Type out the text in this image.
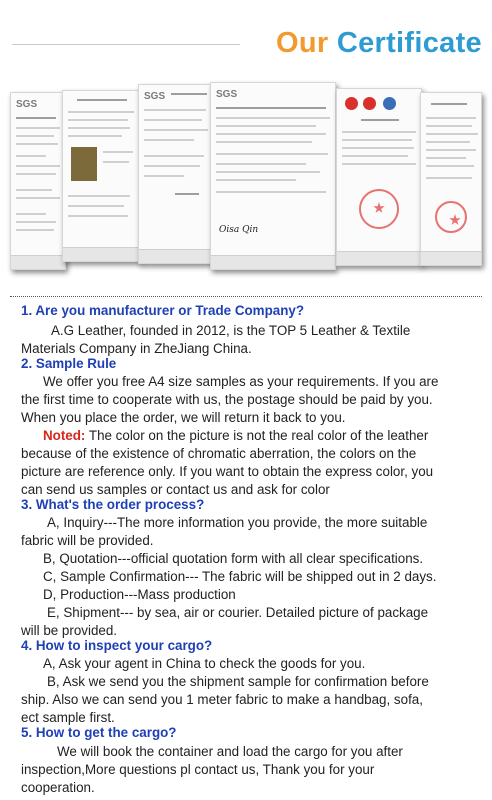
Our Certificate
SGS
SGS	SGS
Oisa Qin
1. Are you manufacturer or Trade Company?
A.G Leather, founded in 2012, is the TOP 5 Leather & Textile
Materials Company in ZheJiang China.
2. Sample Rule
We offer you free A4 size samples as your requirements. If you are
the first time to cooperate with us, the postage should be paid by you.
When you place the order, we will return it back to you.
Noted: The color on the picture is not the real color of the leather
because of the existence of chromatic aberration, the colors on the
picture are reference only. If you want to obtain the express color, you
can send us samples or contact us and ask for color
3. What's the order process?
A, Inquiry---The more information you provide, the more suitable
fabric will be provided.
B, Quotation---official quotation form with all clear specifications.
C, Sample Confirmation--- The fabric will be shipped out in 2 days.
D, Production---Mass production
E, Shipment--- by sea, air or courier. Detailed picture of package
will be provided.
4. How to inspect your cargo?
A, Ask your agent in China to check the goods for you.
B, Ask we send you the shipment sample for confirmation before
ship. Also we can send you 1 meter fabric to make a handbag, sofa,
ect sample first.
5. How to get the cargo?
We will book the container and load the cargo for you after
inspection,More questions pl contact us, Thank you for your
cooperation.
